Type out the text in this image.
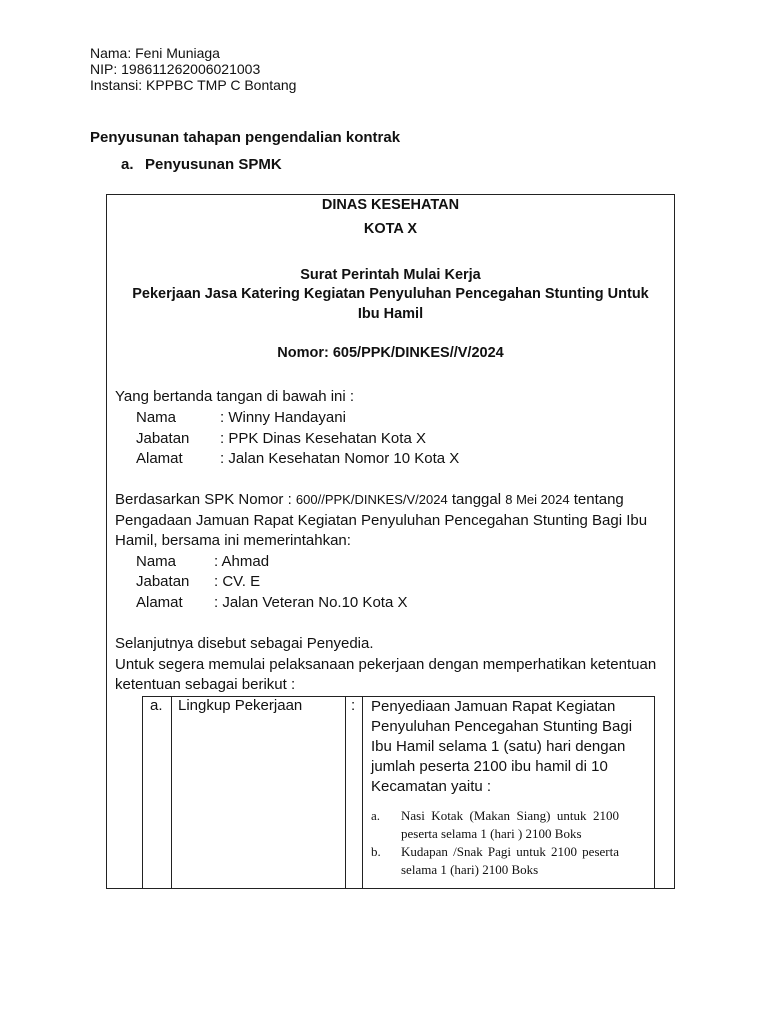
Nama: Feni Muniaga
NIP: 198611262006021003
Instansi: KPPBC TMP C Bontang
Penyusunan tahapan pengendalian kontrak
a. Penyusunan SPMK
DINAS KESEHATAN
KOTA X
Surat Perintah Mulai Kerja
Pekerjaan Jasa Katering Kegiatan Penyuluhan Pencegahan Stunting Untuk
Ibu Hamil
Nomor: 605/PPK/DINKES//V/2024
Yang bertanda tangan di bawah ini :
Nama	: Winny Handayani
Jabatan : PPK Dinas Kesehatan Kota X
Alamat : Jalan Kesehatan Nomor 10 Kota X
Berdasarkan SPK Nomor : 600//PPK/DINKES/V/2024 tanggal 8 Mei 2024 tentang
Pengadaan Jamuan Rapat Kegiatan Penyuluhan Pencegahan Stunting Bagi Ibu
Hamil, bersama ini memerintahkan:
Nama	: Ahmad
Jabatan : CV. E
Alamat : Jalan Veteran No.10 Kota X
Selanjutnya disebut sebagai Penyedia.
Untuk segera memulai pelaksanaan pekerjaan dengan memperhatikan ketentuan
ketentuan sebagai berikut :
a. Lingkup Pekerjaan	: Penyediaan Jamuan Rapat Kegiatan Penyuluhan Pencegahan Stunting Bagi Ibu Hamil selama 1 (satu) hari dengan jumlah peserta 2100 ibu hamil di 10 Kecamatan yaitu :
a. Nasi Kotak (Makan Siang) untuk 2100 peserta selama 1 (hari ) 2100 Boks
b. Kudapan /Snak Pagi untuk 2100 peserta selama 1 (hari) 2100 Boks
